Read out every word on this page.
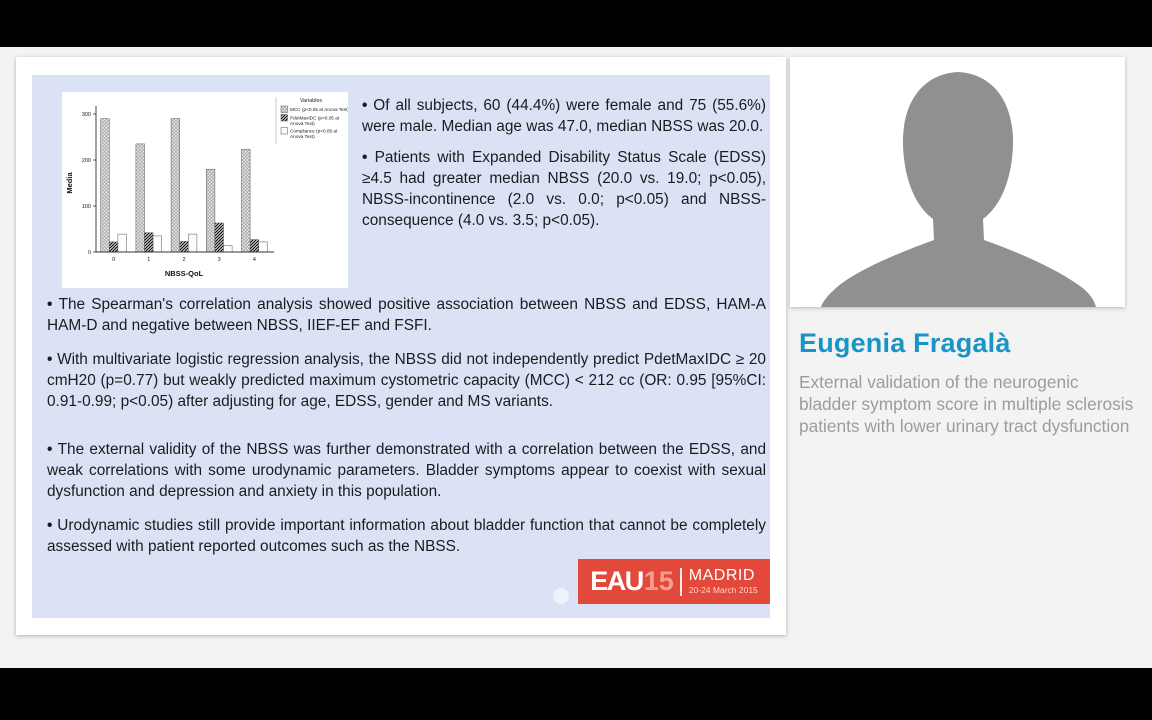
0	1	2	3	4
0
100
200
300
NBSS-QoL
Media
Variables
MCC (p<0.05 at Anova Test)
PdetMaxIDC (p<0.05 at
Anova Test)
Compliance (p<0.05 at
Anova Test)

• Of all subjects, 60 (44.4%) were female and 75 (55.6%) were male. Median age was 47.0, median NBSS was 20.0.

• Patients with Expanded Disability Status Scale (EDSS) ≥4.5 had greater median NBSS (20.0 vs. 19.0; p<0.05), NBSS-incontinence (2.0 vs. 0.0; p<0.05) and NBSS-consequence (4.0 vs. 3.5; p<0.05).

• The Spearman's correlation analysis showed positive association between NBSS and EDSS, HAM-A HAM-D and negative between NBSS, IIEF-EF and FSFI.

• With multivariate logistic regression analysis, the NBSS did not independently predict PdetMaxIDC ≥ 20 cmH20 (p=0.77) but weakly predicted maximum cystometric capacity (MCC) < 212 cc (OR: 0.95 [95%CI: 0.91-0.99; p<0.05) after adjusting for age, EDSS, gender and MS variants.

• The external validity of the NBSS was further demonstrated with a correlation between the EDSS, and weak correlations with some urodynamic parameters. Bladder symptoms appear to coexist with sexual dysfunction and depression and anxiety in this population.

• Urodynamic studies still provide important information about bladder function that cannot be completely assessed with patient reported outcomes such as the NBSS.

EAU 15 MADRID
20-24 March 2015
Eugenia Fragalà
External validation of the neurogenic bladder symptom score in multiple sclerosis patients with lower urinary tract dysfunction
